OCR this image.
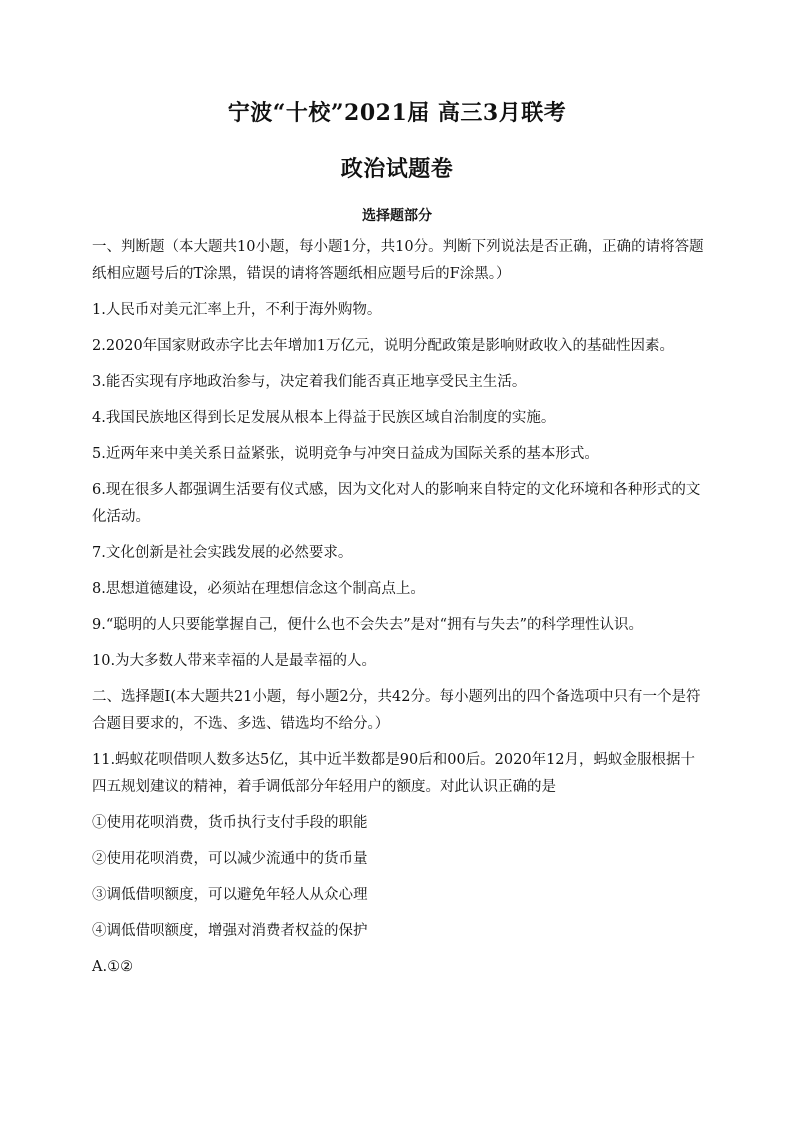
宁波“十校”2021届 高三3月联考
政治试题卷
选择题部分

一、判断题（本大题共10小题，每小题1分，共10分。判断下列说法是否正确，正确的请将答题纸相应题号后的T涂黑，错误的请将答题纸相应题号后的F涂黑。）

1.人民币对美元汇率上升，不利于海外购物。

2.2020年国家财政赤字比去年增加1万亿元，说明分配政策是影响财政收入的基础性因素。

3.能否实现有序地政治参与，决定着我们能否真正地享受民主生活。

4.我国民族地区得到长足发展从根本上得益于民族区域自治制度的实施。

5.近两年来中美关系日益紧张，说明竞争与冲突日益成为国际关系的基本形式。

6.现在很多人都强调生活要有仪式感，因为文化对人的影响来自特定的文化环境和各种形式的文化活动。

7.文化创新是社会实践发展的必然要求。

8.思想道德建设，必须站在理想信念这个制高点上。

9.“聪明的人只要能掌握自己，便什么也不会失去”是对“拥有与失去”的科学理性认识。

10.为大多数人带来幸福的人是最幸福的人。

二、选择题I(本大题共21小题，每小题2分，共42分。每小题列出的四个备选项中只有一个是符合题目要求的，不选、多选、错选均不给分。）

11.蚂蚁花呗借呗人数多达5亿，其中近半数都是90后和00后。2020年12月，蚂蚁金服根据十四五规划建议的精神，着手调低部分年轻用户的额度。对此认识正确的是

①使用花呗消费，货币执行支付手段的职能

②使用花呗消费，可以减少流通中的货币量

③调低借呗额度，可以避免年轻人从众心理

④调低借呗额度，增强对消费者权益的保护

A.①②
